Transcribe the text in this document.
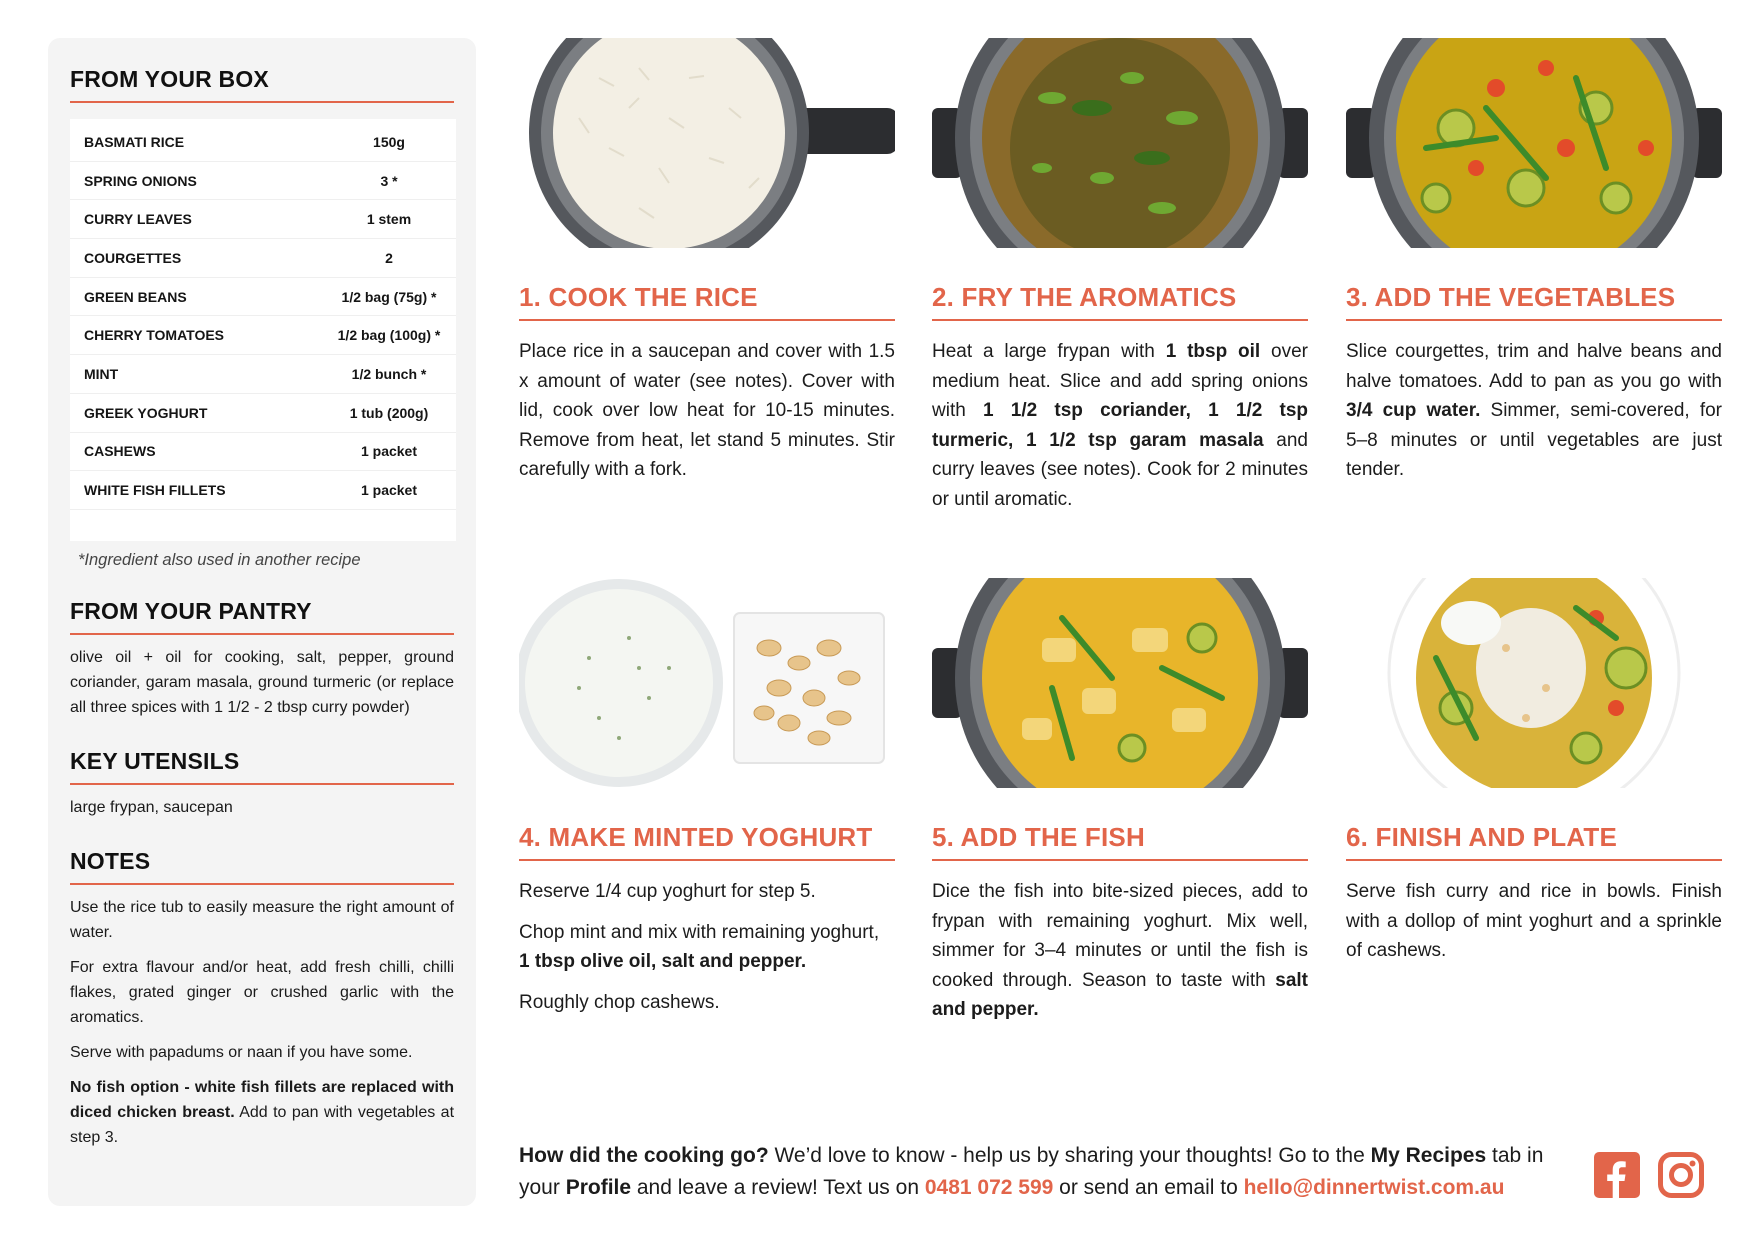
FROM YOUR BOX
BASMATI RICE	150g
SPRING ONIONS	3 *
CURRY LEAVES	1 stem
COURGETTES	2
GREEN BEANS	1/2 bag (75g) *
CHERRY TOMATOES	1/2 bag (100g) *
MINT	1/2 bunch *
GREEK YOGHURT	1 tub (200g)
CASHEWS	1 packet
WHITE FISH FILLETS	1 packet
*Ingredient also used in another recipe
FROM YOUR PANTRY
olive oil + oil for cooking, salt, pepper, ground coriander, garam masala, ground turmeric (or replace all three spices with 1 1/2 - 2 tbsp curry powder)
KEY UTENSILS
large frypan, saucepan
NOTES
Use the rice tub to easily measure the right amount of water.
For extra flavour and/or heat, add fresh chilli, chilli flakes, grated ginger or crushed garlic with the aromatics.
Serve with papadums or naan if you have some.
No fish option - white fish fillets are replaced with diced chicken breast. Add to pan with vegetables at step 3.
1. COOK THE RICE
Place rice in a saucepan and cover with 1.5 x amount of water (see notes). Cover with lid, cook over low heat for 10-15 minutes. Remove from heat, let stand 5 minutes. Stir carefully with a fork.
2. FRY THE AROMATICS
Heat a large frypan with 1 tbsp oil over medium heat. Slice and add spring onions with 1 1/2 tsp coriander, 1 1/2 tsp turmeric, 1 1/2 tsp garam masala and curry leaves (see notes). Cook for 2 minutes or until aromatic.
3. ADD THE VEGETABLES
Slice courgettes, trim and halve beans and halve tomatoes. Add to pan as you go with 3/4 cup water. Simmer, semi-covered, for 5–8 minutes or until vegetables are just tender.
4. MAKE MINTED YOGHURT

Reserve 1/4 cup yoghurt for step 5.

Chop mint and mix with remaining yoghurt,
1 tbsp olive oil, salt and pepper.

Roughly chop cashews.

5. ADD THE FISH
Dice the fish into bite-sized pieces, add to frypan with remaining yoghurt. Mix well, simmer for 3–4 minutes or until the fish is cooked through. Season to taste with salt and pepper.
6. FINISH AND PLATE
Serve fish curry and rice in bowls. Finish with a dollop of mint yoghurt and a sprinkle of cashews.
How did the cooking go? We’d love to know - help us by sharing your thoughts! Go to the My Recipes tab in your Profile and leave a review! Text us on 0481 072 599 or send an email to hello@dinnertwist.com.au
